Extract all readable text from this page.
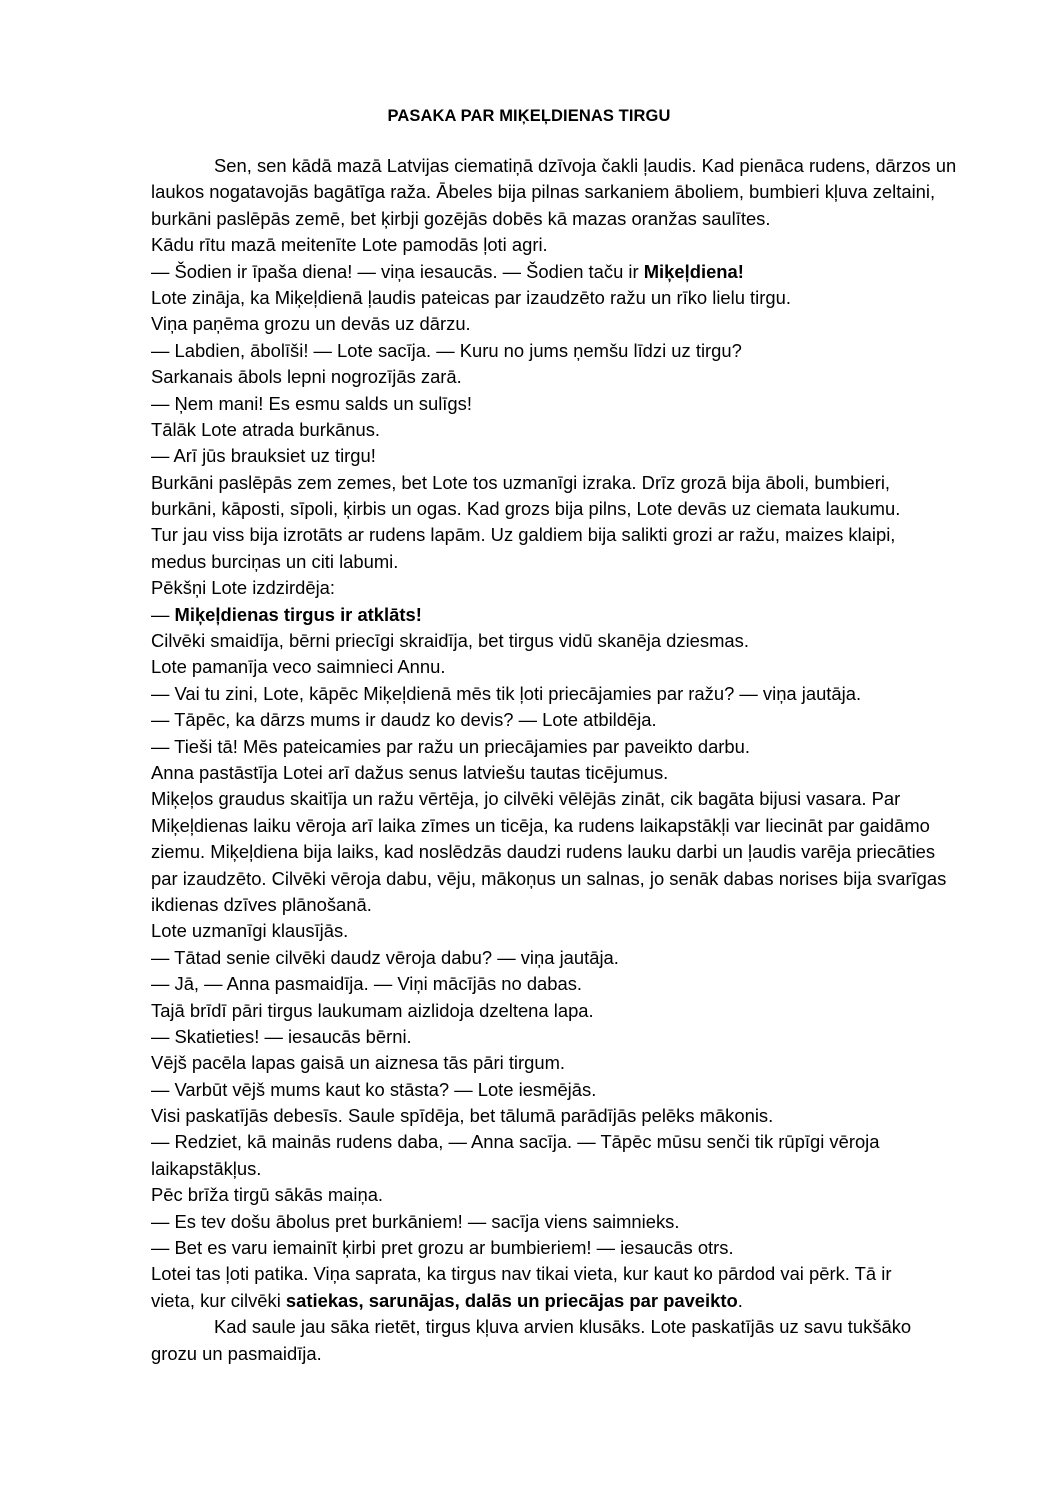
PASAKA PAR MIĶEĻDIENAS TIRGU
Sen, sen kādā mazā Latvijas ciematiņā dzīvoja čakli ļaudis. Kad pienāca rudens, dārzos un
laukos nogatavojās bagātīga raža. Ābeles bija pilnas sarkaniem āboliem, bumbieri kļuva zeltaini,
burkāni paslēpās zemē, bet ķirbji gozējās dobēs kā mazas oranžas saulītes.
Kādu rītu mazā meitenīte Lote pamodās ļoti agri.
— Šodien ir īpaša diena! — viņa iesaucās. — Šodien taču ir Miķeļdiena!
Lote zināja, ka Miķeļdienā ļaudis pateicas par izaudzēto ražu un rīko lielu tirgu.
Viņa paņēma grozu un devās uz dārzu.
— Labdien, ābolīši! — Lote sacīja. — Kuru no jums ņemšu līdzi uz tirgu?
Sarkanais ābols lepni nogrozījās zarā.
— Ņem mani! Es esmu salds un sulīgs!
Tālāk Lote atrada burkānus.
— Arī jūs brauksiet uz tirgu!
Burkāni paslēpās zem zemes, bet Lote tos uzmanīgi izraka. Drīz grozā bija āboli, bumbieri,
burkāni, kāposti, sīpoli, ķirbis un ogas. Kad grozs bija pilns, Lote devās uz ciemata laukumu.
Tur jau viss bija izrotāts ar rudens lapām. Uz galdiem bija salikti grozi ar ražu, maizes klaipi,
medus burciņas un citi labumi.
Pēkšņi Lote izdzirdēja:
— Miķeļdienas tirgus ir atklāts!
Cilvēki smaidīja, bērni priecīgi skraidīja, bet tirgus vidū skanēja dziesmas.
Lote pamanīja veco saimnieci Annu.
— Vai tu zini, Lote, kāpēc Miķeļdienā mēs tik ļoti priecājamies par ražu? — viņa jautāja.
— Tāpēc, ka dārzs mums ir daudz ko devis? — Lote atbildēja.
— Tieši tā! Mēs pateicamies par ražu un priecājamies par paveikto darbu.
Anna pastāstīja Lotei arī dažus senus latviešu tautas ticējumus.
Miķeļos graudus skaitīja un ražu vērtēja, jo cilvēki vēlējās zināt, cik bagāta bijusi vasara. Par
Miķeļdienas laiku vēroja arī laika zīmes un ticēja, ka rudens laikapstākļi var liecināt par gaidāmo
ziemu. Miķeļdiena bija laiks, kad noslēdzās daudzi rudens lauku darbi un ļaudis varēja priecāties
par izaudzēto. Cilvēki vēroja dabu, vēju, mākoņus un salnas, jo senāk dabas norises bija svarīgas
ikdienas dzīves plānošanā.
Lote uzmanīgi klausījās.
— Tātad senie cilvēki daudz vēroja dabu? — viņa jautāja.
— Jā, — Anna pasmaidīja. — Viņi mācījās no dabas.
Tajā brīdī pāri tirgus laukumam aizlidoja dzeltena lapa.
— Skatieties! — iesaucās bērni.
Vējš pacēla lapas gaisā un aiznesa tās pāri tirgum.
— Varbūt vējš mums kaut ko stāsta? — Lote iesmējās.
Visi paskatījās debesīs. Saule spīdēja, bet tālumā parādījās pelēks mākonis.
— Redziet, kā mainās rudens daba, — Anna sacīja. — Tāpēc mūsu senči tik rūpīgi vēroja
laikapstākļus.
Pēc brīža tirgū sākās maiņa.
— Es tev došu ābolus pret burkāniem! — sacīja viens saimnieks.
— Bet es varu iemainīt ķirbi pret grozu ar bumbieriem! — iesaucās otrs.
Lotei tas ļoti patika. Viņa saprata, ka tirgus nav tikai vieta, kur kaut ko pārdod vai pērk. Tā ir
vieta, kur cilvēki satiekas, sarunājas, dalās un priecājas par paveikto.
Kad saule jau sāka rietēt, tirgus kļuva arvien klusāks. Lote paskatījās uz savu tukšāko
grozu un pasmaidīja.
